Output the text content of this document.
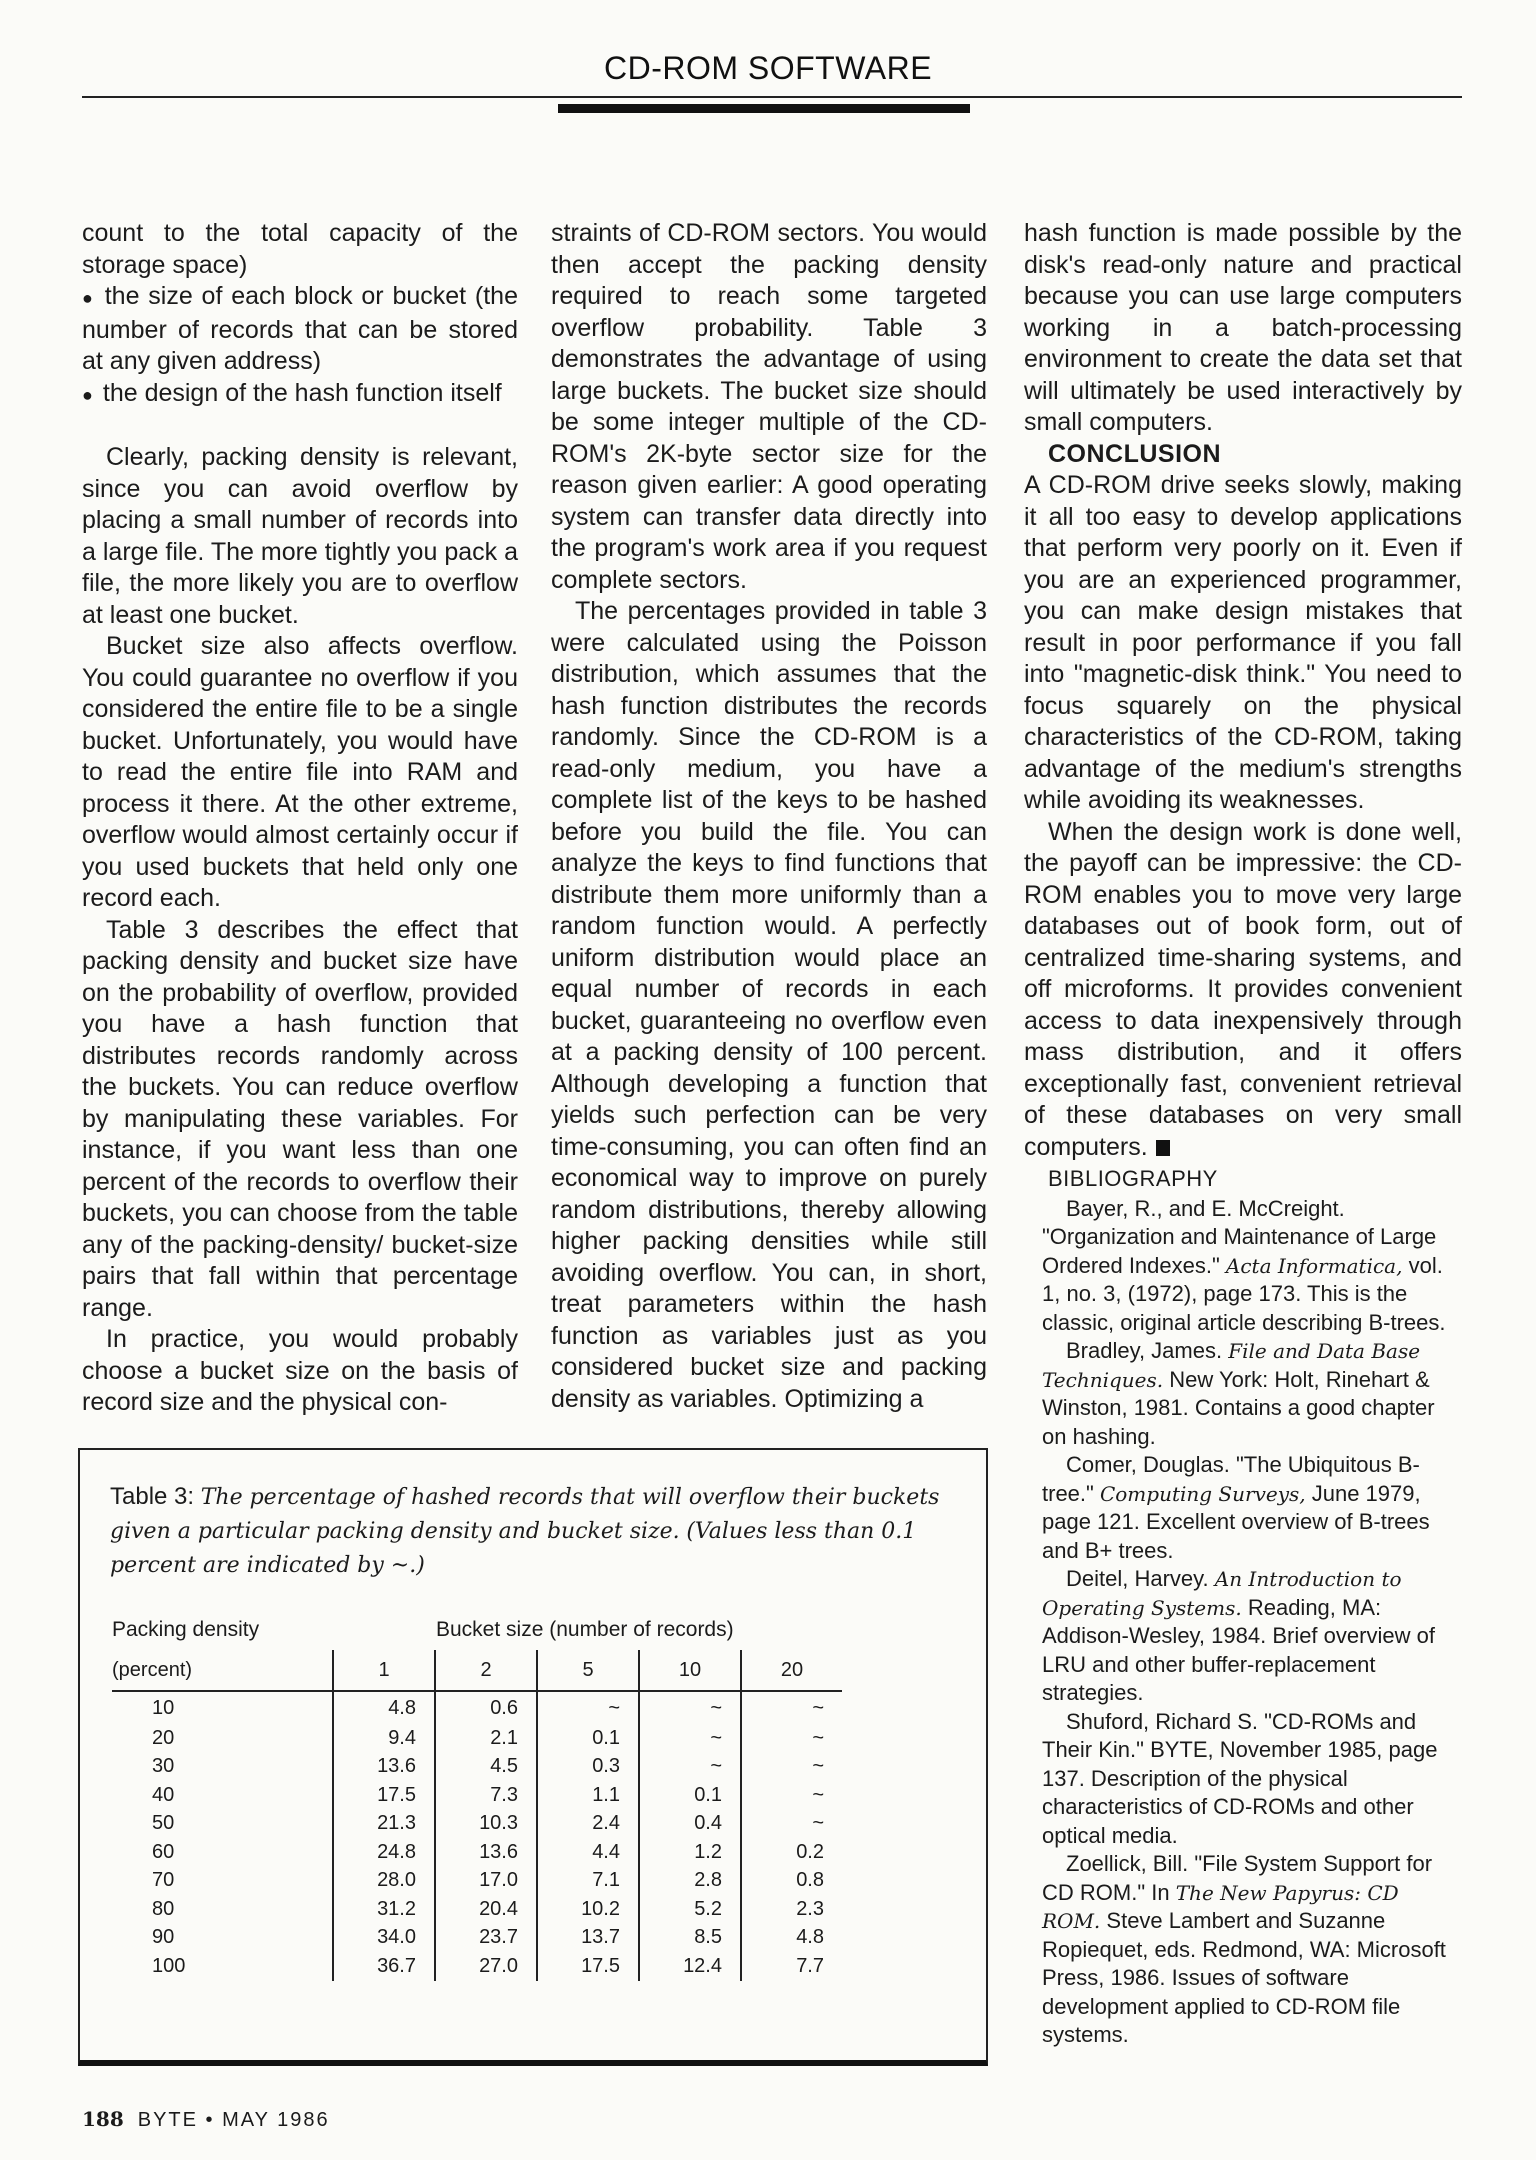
CD-ROM SOFTWARE

count to the total capacity of the storage space)

● the size of each block or bucket (the number of records that can be stored at any given address)
● the design of the hash function itself

Clearly, packing density is relevant, since you can avoid overflow by placing a small number of records into a large file. The more tightly you pack a file, the more likely you are to overflow at least one bucket.

Bucket size also affects overflow. You could guarantee no overflow if you considered the entire file to be a single bucket. Unfortunately, you would have to read the entire file into RAM and process it there. At the other extreme, overflow would almost certainly occur if you used buckets that held only one record each.

Table 3 describes the effect that packing density and bucket size have on the probability of overflow, provided you have a hash function that distributes records randomly across the buckets. You can reduce overflow by manipulating these variables. For instance, if you want less than one percent of the records to overflow their buckets, you can choose from the table any of the packing-density/ bucket-size pairs that fall within that percentage range.

In practice, you would probably choose a bucket size on the basis of record size and the physical con-

straints of CD-ROM sectors. You would then accept the packing density required to reach some targeted overflow probability. Table 3 demonstrates the advantage of using large buckets. The bucket size should be some integer multiple of the CD-ROM's 2K-byte sector size for the reason given earlier: A good operating system can transfer data directly into the program's work area if you request complete sectors.

The percentages provided in table 3 were calculated using the Poisson distribution, which assumes that the hash function distributes the records randomly. Since the CD-ROM is a read-only medium, you have a complete list of the keys to be hashed before you build the file. You can analyze the keys to find functions that distribute them more uniformly than a random function would. A perfectly uniform distribution would place an equal number of records in each bucket, guaranteeing no overflow even at a packing density of 100 percent. Although developing a function that yields such perfection can be very time-consuming, you can often find an economical way to improve on purely random distributions, thereby allowing higher packing densities while still avoiding overflow. You can, in short, treat parameters within the hash function as variables just as you considered bucket size and packing density as variables. Optimizing a

hash function is made possible by the disk's read-only nature and practical because you can use large computers working in a batch-processing environment to create the data set that will ultimately be used interactively by small computers.

CONCLUSION

A CD-ROM drive seeks slowly, making it all too easy to develop applications that perform very poorly on it. Even if you are an experienced programmer, you can make design mistakes that result in poor performance if you fall into "magnetic-disk think." You need to focus squarely on the physical characteristics of the CD-ROM, taking advantage of the medium's strengths while avoiding its weaknesses.

When the design work is done well, the payoff can be impressive: the CD-ROM enables you to move very large databases out of book form, out of centralized time-sharing systems, and off microforms. It provides convenient access to data inexpensively through mass distribution, and it offers exceptionally fast, convenient retrieval of these databases on very small computers.

BIBLIOGRAPHY

Bayer, R., and E. McCreight. "Organization and Maintenance of Large Ordered Indexes." Acta Informatica, vol. 1, no. 3, (1972), page 173. This is the classic, original article describing B-trees.

Bradley, James. File and Data Base Techniques. New York: Holt, Rinehart & Winston, 1981. Contains a good chapter on hashing.

Comer, Douglas. "The Ubiquitous B-tree." Computing Surveys, June 1979, page 121. Excellent overview of B-trees and B+ trees.

Deitel, Harvey. An Introduction to Operating Systems. Reading, MA: Addison-Wesley, 1984. Brief overview of LRU and other buffer-replacement strategies.

Shuford, Richard S. "CD-ROMs and Their Kin." BYTE, November 1985, page 137. Description of the physical characteristics of CD-ROMs and other optical media.

Zoellick, Bill. "File System Support for CD ROM." In The New Papyrus: CD ROM. Steve Lambert and Suzanne Ropiequet, eds. Redmond, WA: Microsoft Press, 1986. Issues of software development applied to CD-ROM file systems.

Table 3: The percentage of hashed records that will overflow their buckets given a particular packing density and bucket size. (Values less than 0.1 percent are indicated by ~.)
Packing density	Bucket size (number of records)
(percent)	1	2	5	10	20
10	4.8	0.6	~	~	~
20	9.4	2.1	0.1	~	~
30	13.6	4.5	0.3	~	~
40	17.5	7.3	1.1	0.1	~
50	21.3	10.3	2.4	0.4	~
60	24.8	13.6	4.4	1.2	0.2
70	28.0	17.0	7.1	2.8	0.8
80	31.2	20.4	10.2	5.2	2.3
90	34.0	23.7	13.7	8.5	4.8
100	36.7	27.0	17.5	12.4	7.7
188 BYTE • MAY 1986
